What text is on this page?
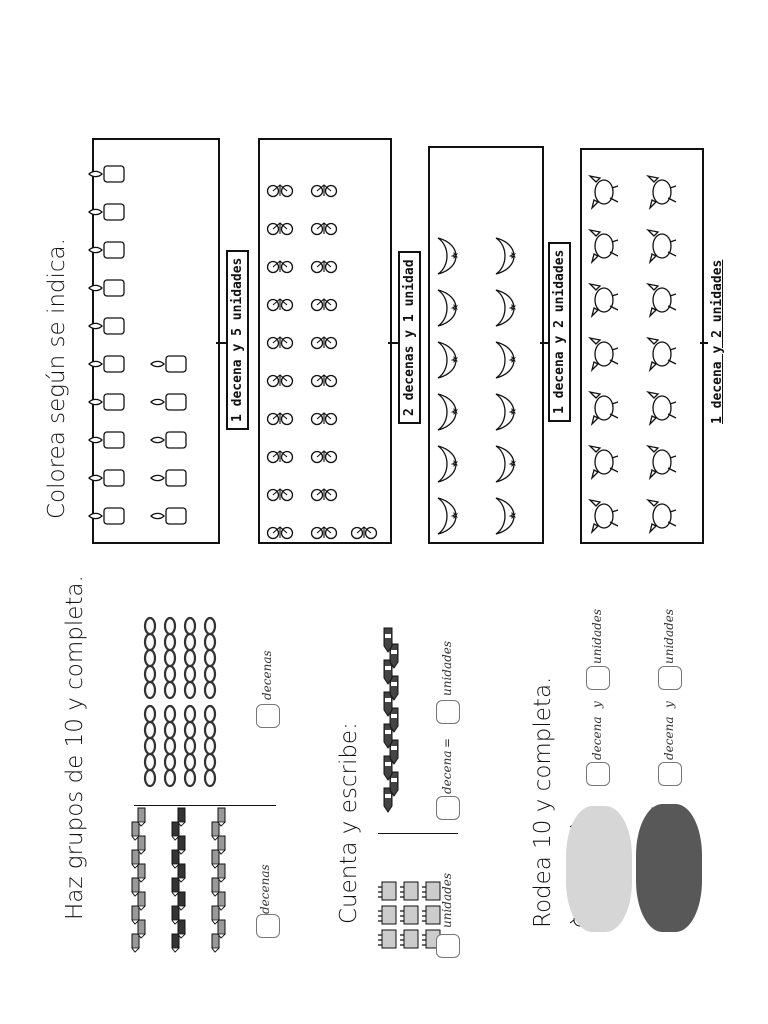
Colorea según se indica.	1 decena y 5 unidades	2 decenas y 1 unidad	1 decena y 2 unidades	1 decena y 2 unidades
Haz grupos de 10 y completa.	decenas
decenas
Cuenta y escribe:	unidades
decena
=
unidades
Rodea 10 y completa.	decena
y
unidades
decena
y
unidades
